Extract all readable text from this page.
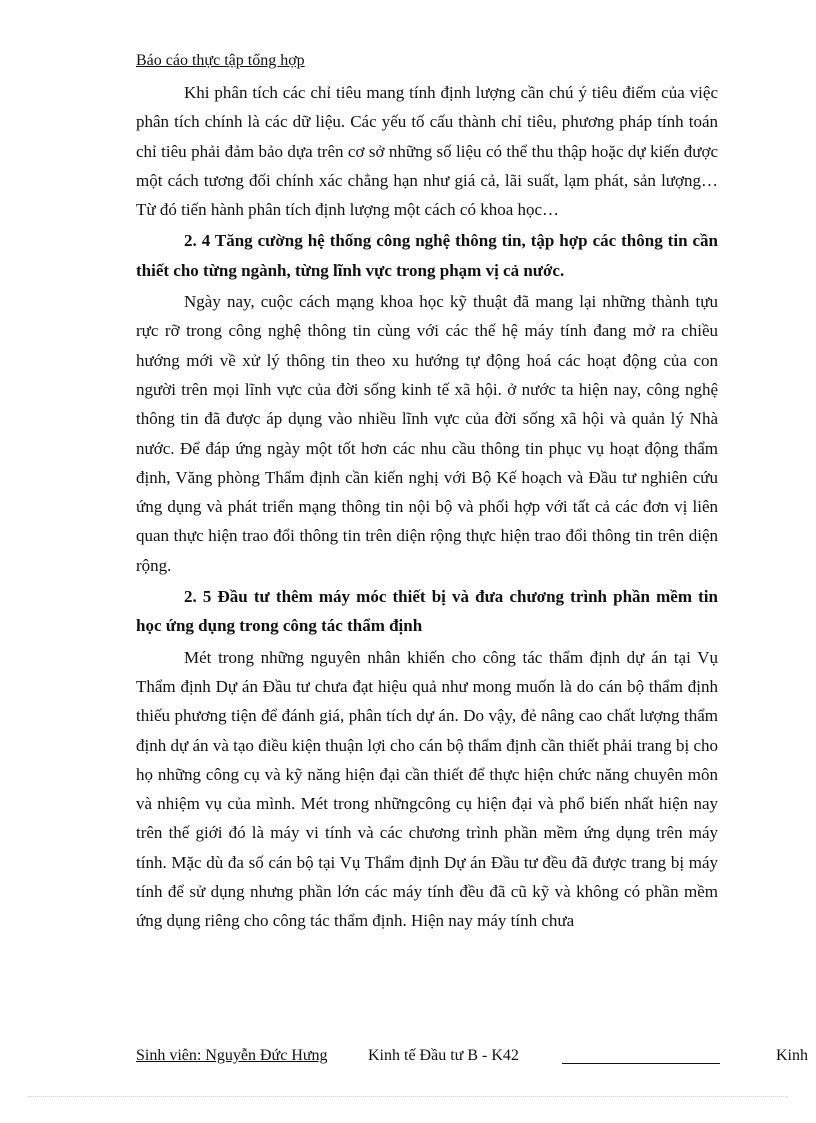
Báo cáo thực tập tổng hợp

Khi phân tích các chỉ tiêu mang tính định lượng cần chú ý tiêu điểm của việc phân tích chính là các dữ liệu. Các yếu tố cấu thành chỉ tiêu, phương pháp tính toán chỉ tiêu phải đảm bảo dựa trên cơ sở những số liệu có thể thu thập hoặc dự kiến được một cách tương đối chính xác chẳng hạn như giá cả, lãi suất, lạm phát, sản lượng… Từ đó tiến hành phân tích định lượng một cách có khoa học…

2. 4 Tăng cường hệ thống công nghệ thông tin, tập hợp các thông tin cần thiết cho từng ngành, từng lĩnh vực trong phạm vị cả nước.

Ngày nay, cuộc cách mạng khoa học kỹ thuật đã mang lại những thành tựu rực rỡ trong công nghệ thông tin cùng với các thế hệ máy tính đang mở ra chiều hướng mới về xử lý thông tin theo xu hướng tự động hoá các hoạt động của con người trên mọi lĩnh vực của đời sống kinh tế xã hội. ở nước ta hiện nay, công nghệ thông tin đã được áp dụng vào nhiều lĩnh vực của đời sống xã hội và quản lý Nhà nước. Để đáp ứng ngày một tốt hơn các nhu cầu thông tin phục vụ hoạt động thẩm định, Văng phòng Thẩm định cần kiến nghị với Bộ Kế hoạch và Đầu tư nghiên cứu ứng dụng và phát triển mạng thông tin nội bộ và phối hợp với tất cả các đơn vị liên quan thực hiện trao đổi thông tin trên diện rộng thực hiện trao đổi thông tin trên diện rộng.

2. 5 Đầu tư thêm máy móc thiết bị và đưa chương trình phần mềm tin học ứng dụng trong công tác thẩm định

Mét trong những nguyên nhân khiến cho công tác thẩm định dự án tại Vụ Thẩm định Dự án Đầu tư chưa đạt hiệu quả như mong muốn là do cán bộ thẩm định thiếu phương tiện để đánh giá, phân tích dự án. Do vậy, đẻ nâng cao chất lượng thẩm định dự án và tạo điều kiện thuận lợi cho cán bộ thẩm định cần thiết phải trang bị cho họ những công cụ và kỹ năng hiện đại cần thiết để thực hiện chức năng chuyên môn và nhiệm vụ của mình. Mét trong nhữngcông cụ hiện đại và phổ biến nhất hiện nay trên thế giới đó là máy vi tính và các chương trình phần mềm ứng dụng trên máy tính. Mặc dù đa số cán bộ tại Vụ Thẩm định Dự án Đầu tư đều đã được trang bị máy tính để sử dụng nhưng phần lớn các máy tính đều đã cũ kỹ và không có phần mềm ứng dụng riêng cho công tác thẩm định. Hiện nay máy tính chưa

Sinh viên: Nguyễn Đức Hưng	Kinh tế Đầu tư B - K42	Kinh
